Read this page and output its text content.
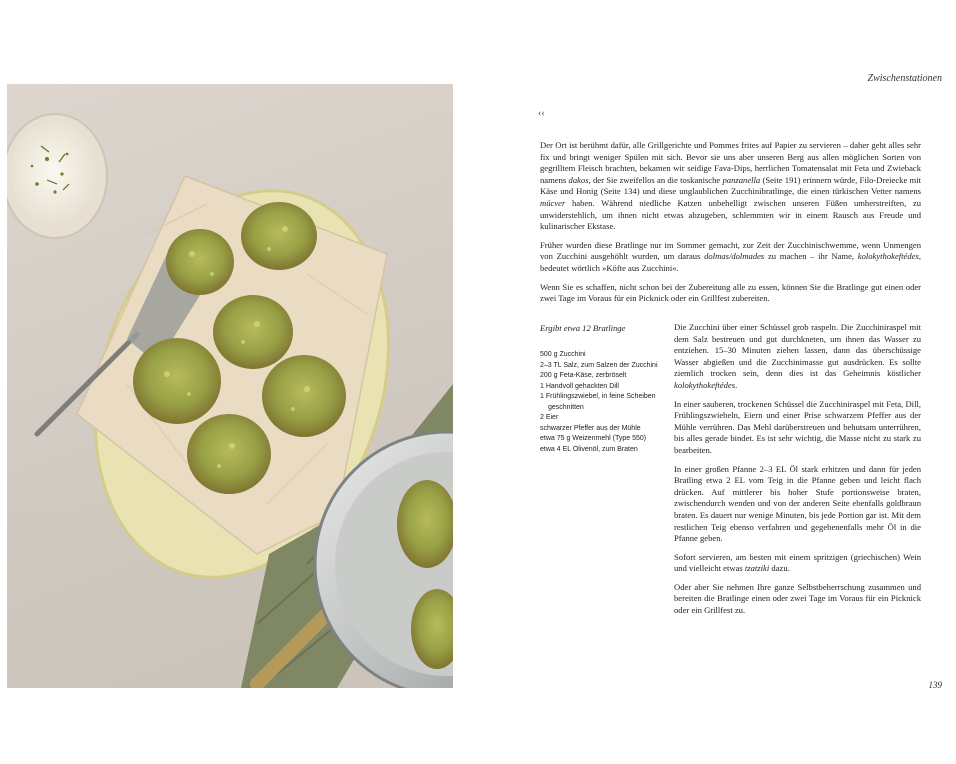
Zwischenstationen
‹‹

Der Ort ist berühmt dafür, alle Grillgerichte und Pommes frites auf Papier zu servieren – daher geht alles sehr fix und bringt weniger Spülen mit sich. Bevor sie uns aber unseren Berg aus allen möglichen Sorten von gegrilltem Fleisch brachten, bekamen wir seidige Fava-Dips, herrlichen Tomatensalat mit Feta und Zwieback namens dakos, der Sie zweifellos an die toskanische panzanella (Seite 191) erinnern würde, Filo-Dreiecke mit Käse und Honig (Seite 134) und diese unglaublichen Zucchinibratlinge, die einen türkischen Vetter namens mücver haben. Während niedliche Katzen unbehelligt zwischen unseren Füßen umherstreiften, zu unwiderstehlich, um ihnen nicht etwas abzugeben, schlemmten wir in einem Rausch aus Freude und kulinarischer Ekstase.

Früher wurden diese Bratlinge nur im Sommer gemacht, zur Zeit der Zucchinischwemme, wenn Unmengen von Zucchini ausgehöhlt wurden, um daraus dolmas/dolmades zu machen – ihr Name, kolokythokeftédes, bedeutet wörtlich »Köfte aus Zucchini«.

Wenn Sie es schaffen, nicht schon bei der Zubereitung alle zu essen, können Sie die Bratlinge gut einen oder zwei Tage im Voraus für ein Picknick oder ein Grillfest zubereiten.

Ergibt etwa 12 Bratlinge
500 g Zucchini
2–3 TL Salz, zum Salzen der Zucchini
200 g Feta-Käse, zerbröselt
1 Handvoll gehackten Dill
1 Frühlingszwiebel, in feine Scheiben geschnitten
2 Eier
schwarzer Pfeffer aus der Mühle
etwa 75 g Weizenmehl (Type 550)
etwa 4 EL Olivenöl, zum Braten

Die Zucchini über einer Schüssel grob raspeln. Die Zucchiniraspel mit dem Salz bestreuen und gut durchkneten, um ihnen das Wasser zu entziehen. 15–30 Minuten ziehen lassen, dann das überschüssige Wasser abgießen und die Zucchinimasse gut ausdrücken. Es sollte ziemlich trocken sein, denn dies ist das Geheimnis köstlicher kolokythokeftédes.

In einer sauberen, trockenen Schüssel die Zucchiniraspel mit Feta, Dill, Frühlingszwiebeln, Eiern und einer Prise schwarzem Pfeffer aus der Mühle verrühren. Das Mehl darüberstreuen und behutsam unterrühren, bis alles gerade bindet. Es ist sehr wichtig, die Masse nicht zu stark zu bearbeiten.

In einer großen Pfanne 2–3 EL Öl stark erhitzen und dann für jeden Bratling etwa 2 EL vom Teig in die Pfanne geben und leicht flach drücken. Auf mittlerer bis hoher Stufe portionsweise braten, zwischendurch wenden und von der anderen Seite ebenfalls goldbraun braten. Es dauert nur wenige Minuten, bis jede Portion gar ist. Mit dem restlichen Teig ebenso verfahren und gegebenenfalls mehr Öl in die Pfanne geben.

Sofort servieren, am besten mit einem spritzigen (griechischen) Wein und vielleicht etwas tzatziki dazu.

Oder aber Sie nehmen Ihre ganze Selbstbeherrschung zusammen und bereiten die Bratlinge einen oder zwei Tage im Voraus für ein Picknick oder ein Grillfest zu.

139
